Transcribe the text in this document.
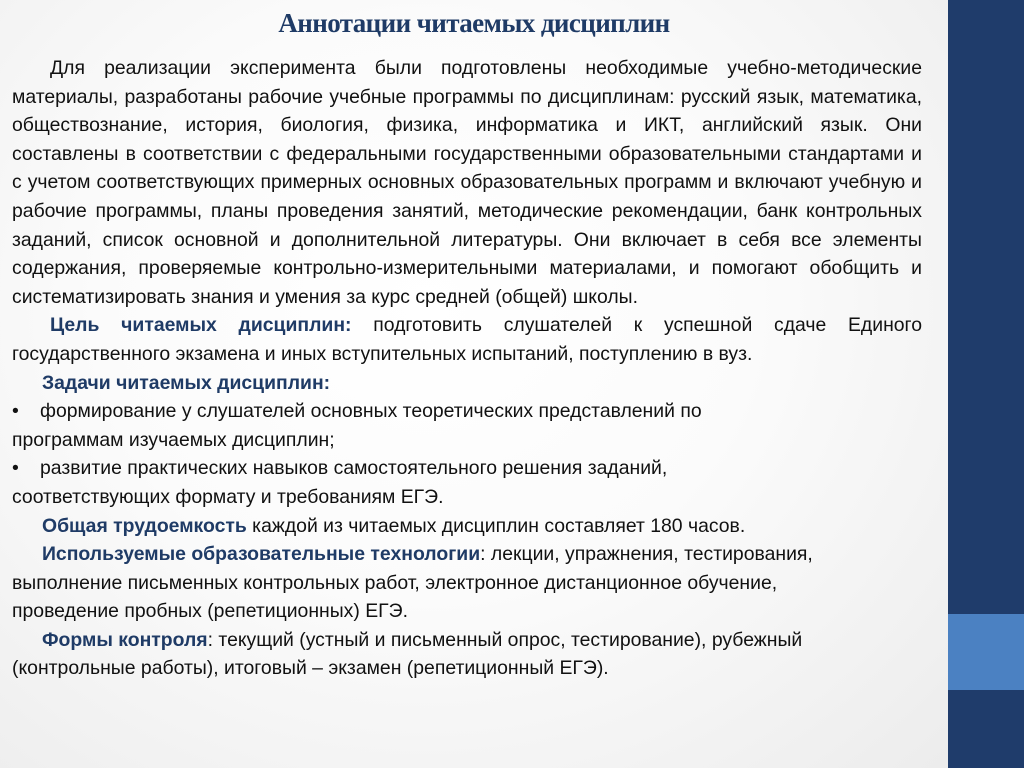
Аннотации читаемых дисциплин

Для реализации эксперимента были подготовлены необходимые учебно-методические материалы, разработаны рабочие учебные программы по дисциплинам: русский язык, математика, обществознание, история, биология, физика, информатика и ИКТ, английский язык. Они составлены в соответствии с федеральными государственными образовательными стандартами и с учетом соответствующих примерных основных образовательных программ и включают учебную и рабочие программы, планы проведения занятий, методические рекомендации, банк контрольных заданий, список основной и дополнительной литературы. Они включает в себя все элементы содержания, проверяемые контрольно-измерительными материалами, и помогают обобщить и систематизировать знания и умения за курс средней (общей) школы.

Цель читаемых дисциплин: подготовить слушателей к успешной сдаче Единого государственного экзамена и иных вступительных испытаний, поступлению в вуз.

Задачи читаемых дисциплин:

•	формирование у слушателей основных теоретических представлений по
программам изучаемых дисциплин;
•	развитие практических навыков самостоятельного решения заданий,
соответствующих формату и требованиям ЕГЭ.

Общая трудоемкость каждой из читаемых дисциплин составляет 180 часов.

Используемые образовательные технологии: лекции, упражнения, тестирования,
выполнение письменных контрольных работ, электронное дистанционное обучение,
проведение пробных (репетиционных) ЕГЭ.
Формы контроля: текущий (устный и письменный опрос, тестирование), рубежный
(контрольные работы), итоговый – экзамен (репетиционный ЕГЭ).
